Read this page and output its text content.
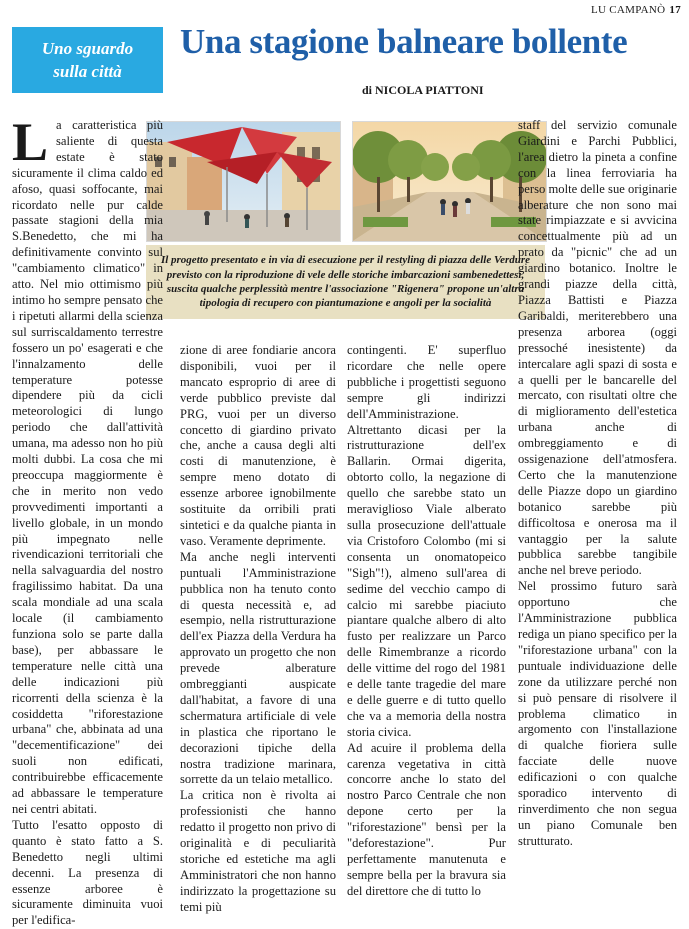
LU CAMPANÒ 17
Uno sguardo
sulla città
Una stagione balneare bollente
di NICOLA PIATTONI
Il progetto presentato e in via di esecuzione per il restyling di piazza delle Verdure previsto con la riproduzione di vele delle storiche imbarcazioni sambenedettesi, suscita qualche perplessità mentre l'associazione "Rigenera" propone un'altra tipologia di recupero con piantumazione e angoli per la socialità

La caratteristica più saliente di questa estate è stato sicuramente il clima caldo ed afoso, quasi soffocante, mai ricordato nelle pur calde passate stagioni della mia S.Benedetto, che mi ha definitivamente convinto sul "cambiamento climatico" in atto. Nel mio ottimismo più intimo ho sempre pensato che i ripetuti allarmi della scienza sul surriscaldamento terrestre fossero un po' esagerati e che l'innalzamento delle temperature potesse dipendere più da cicli meteorologici di lungo periodo che dall'attività umana, ma adesso non ho più molti dubbi. La cosa che mi preoccupa maggiormente è che in merito non vedo provvedimenti importanti a livello globale, in un mondo più impegnato nelle rivendicazioni territoriali che nella salvaguardia del nostro fragilissimo habitat. Da una scala mondiale ad una scala locale (il cambiamento funziona solo se parte dalla base), per abbassare le temperature nelle città una delle indicazioni più ricorrenti della scienza è la cosiddetta "riforestazione urbana" che, abbinata ad una "decementificazione" dei suoli non edificati, contribuirebbe efficacemente ad abbassare le temperature nei centri abitati.

Tutto l'esatto opposto di quanto è stato fatto a S. Benedetto negli ultimi decenni. La presenza di essenze arboree è sicuramente diminuita vuoi per l'edifica-

zione di aree fondiarie ancora disponibili, vuoi per il mancato esproprio di aree di verde pubblico previste dal PRG, vuoi per un diverso concetto di giardino privato che, anche a causa degli alti costi di manutenzione, è sempre meno dotato di essenze arboree ignobilmente sostituite da orribili prati sintetici e da qualche pianta in vaso. Veramente deprimente.

Ma anche negli interventi puntuali l'Amministrazione pubblica non ha tenuto conto di questa necessità e, ad esempio, nella ristrutturazione dell'ex Piazza della Verdura ha approvato un progetto che non prevede alberature ombreggianti auspicate dall'habitat, a favore di una schermatura artificiale di vele in plastica che riportano le decorazioni tipiche della nostra tradizione marinara, sorrette da un telaio metallico.

La critica non è rivolta ai professionisti che hanno redatto il progetto non privo di originalità e di peculiarità storiche ed estetiche ma agli Amministratori che non hanno indirizzato la progettazione su temi più

contingenti. E' superfluo ricordare che nelle opere pubbliche i progettisti seguono sempre gli indirizzi dell'Amministrazione.

Altrettanto dicasi per la ristrutturazione dell'ex Ballarin. Ormai digerita, obtorto collo, la negazione di quello che sarebbe stato un meraviglioso Viale alberato sulla prosecuzione dell'attuale via Cristoforo Colombo (mi si consenta un onomatopeico "Sigh"!), almeno sull'area di sedime del vecchio campo di calcio mi sarebbe piaciuto piantare qualche albero di alto fusto per realizzare un Parco delle Rimembranze a ricordo delle vittime del rogo del 1981 e delle tante tragedie del mare e delle guerre e di tutto quello che va a memoria della nostra storia civica.

Ad acuire il problema della carenza vegetativa in città concorre anche lo stato del nostro Parco Centrale che non depone certo per la "riforestazione" bensì per la "deforestazione". Pur perfettamente manutenuta e sempre bella per la bravura sia del direttore che di tutto lo

staff del servizio comunale Giardini e Parchi Pubblici, l'area dietro la pineta a confine con la linea ferroviaria ha perso molte delle sue originarie alberature che non sono mai state rimpiazzate e si avvicina concettualmente più ad un prato da "picnic" che ad un giardino botanico. Inoltre le grandi piazze della città, Piazza Battisti e Piazza Garibaldi, meriterebbero una presenza arborea (oggi pressoché inesistente) da intercalare agli spazi di sosta e a quelli per le bancarelle del mercato, con risultati oltre che di miglioramento dell'estetica urbana anche di ombreggiamento e di ossigenazione dell'atmosfera. Certo che la manutenzione delle Piazze dopo un giardino botanico sarebbe più difficoltosa e onerosa ma il vantaggio per la salute pubblica sarebbe tangibile anche nel breve periodo.

Nel prossimo futuro sarà opportuno che l'Amministrazione pubblica rediga un piano specifico per la "riforestazione urbana" con la puntuale individuazione delle zone da utilizzare perché non si può pensare di risolvere il problema climatico in argomento con l'installazione di qualche fioriera sulle facciate delle nuove edificazioni o con qualche sporadico intervento di rinverdimento che non segua un piano Comunale ben strutturato.
